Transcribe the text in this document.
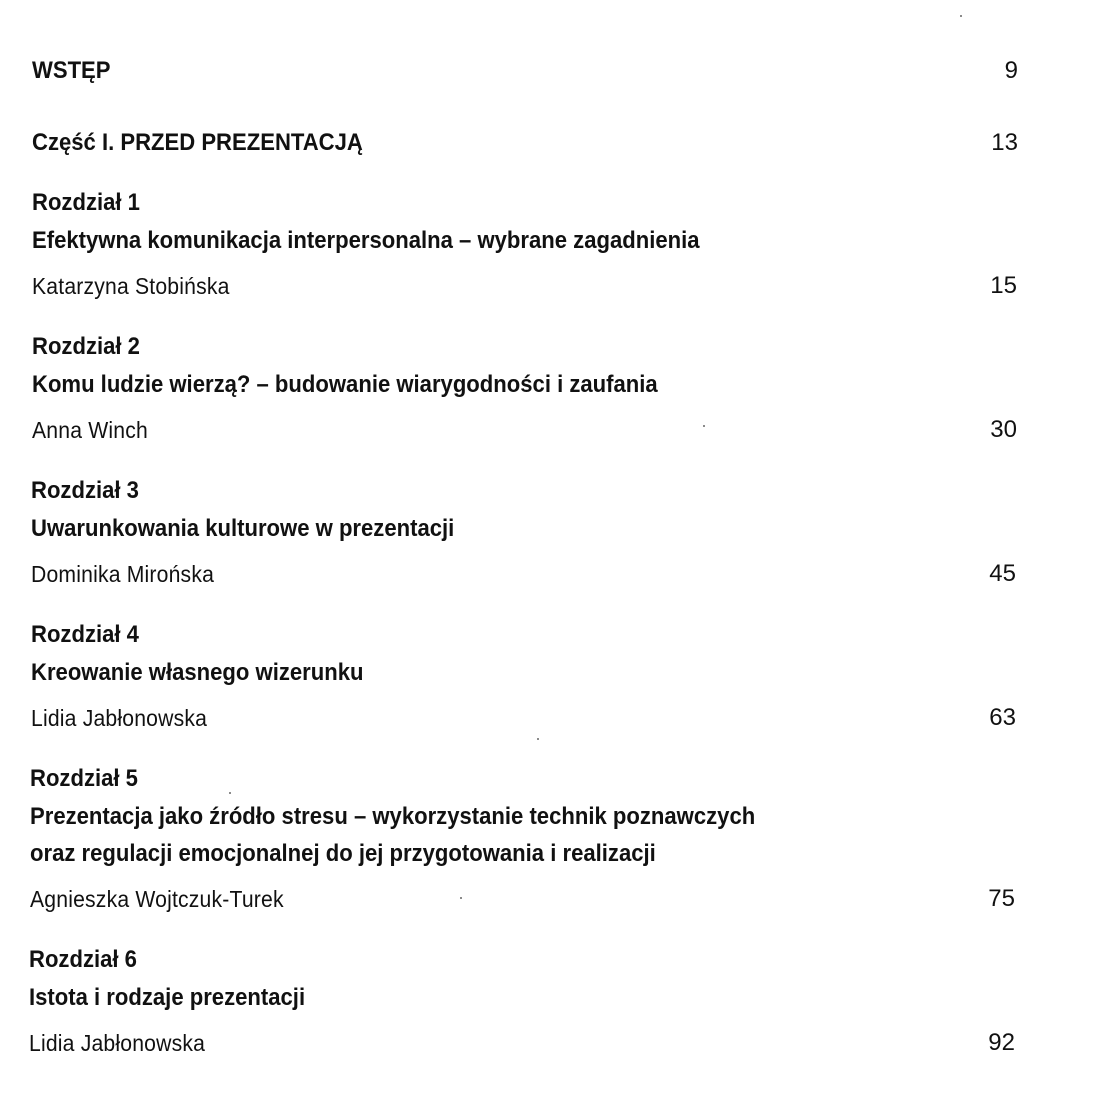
WSTĘP	9
Część I. PRZED PREZENTACJĄ	13
Rozdział 1
Efektywna komunikacja interpersonalna – wybrane zagadnienia
Katarzyna Stobińska	15
Rozdział 2
Komu ludzie wierzą? – budowanie wiarygodności i zaufania
Anna Winch	30
Rozdział 3
Uwarunkowania kulturowe w prezentacji
Dominika Mirońska	45
Rozdział 4
Kreowanie własnego wizerunku
Lidia Jabłonowska	63
Rozdział 5
Prezentacja jako źródło stresu – wykorzystanie technik poznawczych
oraz regulacji emocjonalnej do jej przygotowania i realizacji
Agnieszka Wojtczuk-Turek	75
Rozdział 6
Istota i rodzaje prezentacji
Lidia Jabłonowska	92
